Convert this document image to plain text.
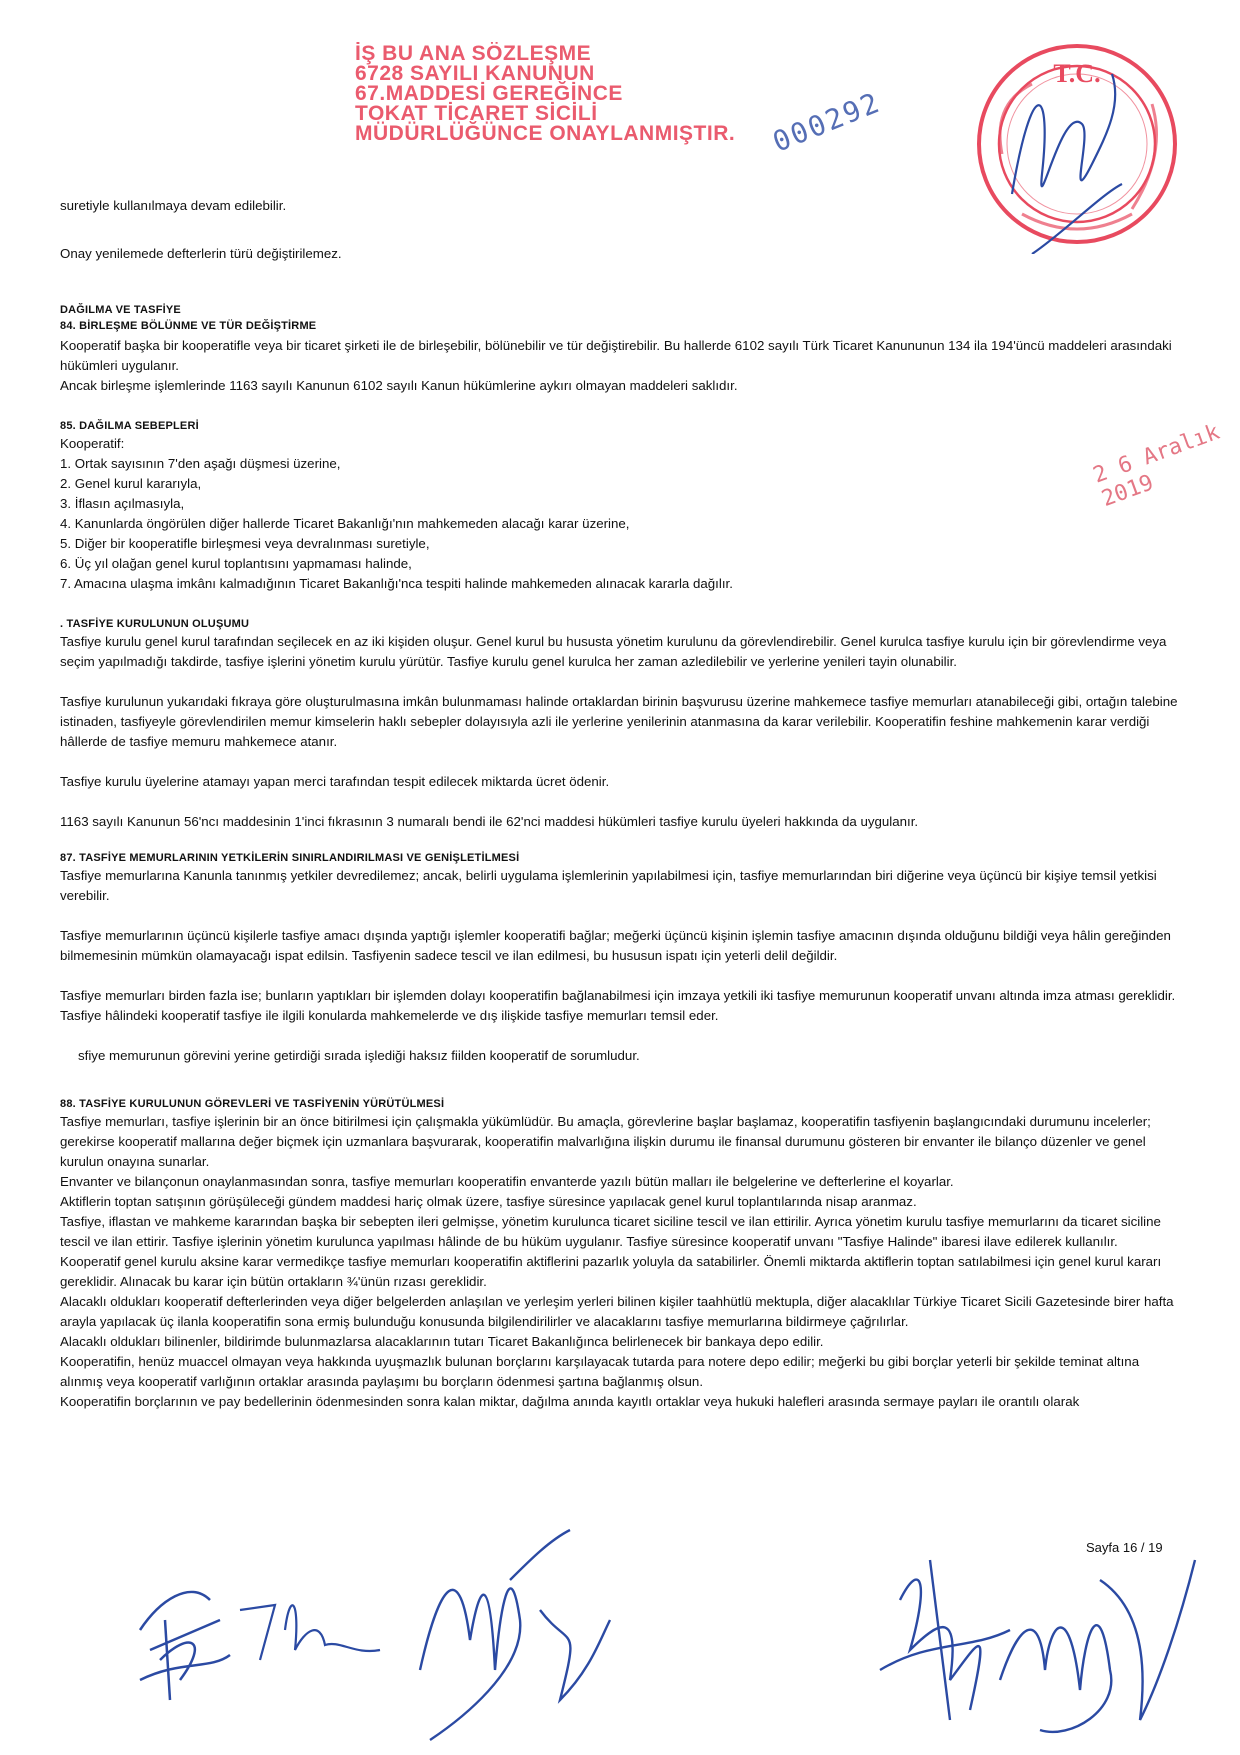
İŞ BU ANA SÖZLEŞME
6728 SAYILI KANUNUN
67.MADDESİ GEREĞİNCE
TOKAT TİCARET SİCİLİ
MÜDÜRLÜĞÜNCE ONAYLANMIŞTIR. 000292
T.C.
2 6 Aralık 2019

suretiyle kullanılmaya devam edilebilir.

Onay yenilemede defterlerin türü değiştirilemez.

DAĞILMA VE TASFİYE

84. BİRLEŞME BÖLÜNME VE TÜR DEĞİŞTİRME

Kooperatif başka bir kooperatifle veya bir ticaret şirketi ile de birleşebilir, bölünebilir ve tür değiştirebilir. Bu hallerde 6102 sayılı Türk Ticaret Kanununun 134 ila 194'üncü maddeleri arasındaki hükümleri uygulanır.

Ancak birleşme işlemlerinde 1163 sayılı Kanunun 6102 sayılı Kanun hükümlerine aykırı olmayan maddeleri saklıdır.

85. DAĞILMA SEBEPLERİ

Kooperatif:

1. Ortak sayısının 7'den aşağı düşmesi üzerine,

2. Genel kurul kararıyla,

3. İflasın açılmasıyla,

4. Kanunlarda öngörülen diğer hallerde Ticaret Bakanlığı'nın mahkemeden alacağı karar üzerine,

5. Diğer bir kooperatifle birleşmesi veya devralınması suretiyle,

6. Üç yıl olağan genel kurul toplantısını yapmaması halinde,

7. Amacına ulaşma imkânı kalmadığının Ticaret Bakanlığı'nca tespiti halinde mahkemeden alınacak kararla dağılır.

. TASFİYE KURULUNUN OLUŞUMU

Tasfiye kurulu genel kurul tarafından seçilecek en az iki kişiden oluşur. Genel kurul bu hususta yönetim kurulunu da görevlendirebilir. Genel kurulca tasfiye kurulu için bir görevlendirme veya seçim yapılmadığı takdirde, tasfiye işlerini yönetim kurulu yürütür. Tasfiye kurulu genel kurulca her zaman azledilebilir ve yerlerine yenileri tayin olunabilir.

Tasfiye kurulunun yukarıdaki fıkraya göre oluşturulmasına imkân bulunmaması halinde ortaklardan birinin başvurusu üzerine mahkemece tasfiye memurları atanabileceği gibi, ortağın talebine istinaden, tasfiyeyle görevlendirilen memur kimselerin haklı sebepler dolayısıyla azli ile yerlerine yenilerinin atanmasına da karar verilebilir. Kooperatifin feshine mahkemenin karar verdiği hâllerde de tasfiye memuru mahkemece atanır.

Tasfiye kurulu üyelerine atamayı yapan merci tarafından tespit edilecek miktarda ücret ödenir.

1163 sayılı Kanunun 56'ncı maddesinin 1'inci fıkrasının 3 numaralı bendi ile 62'nci maddesi hükümleri tasfiye kurulu üyeleri hakkında da uygulanır.

87. TASFİYE MEMURLARININ YETKİLERİN SINIRLANDIRILMASI VE GENİŞLETİLMESİ

Tasfiye memurlarına Kanunla tanınmış yetkiler devredilemez; ancak, belirli uygulama işlemlerinin yapılabilmesi için, tasfiye memurlarından biri diğerine veya üçüncü bir kişiye temsil yetkisi verebilir.

Tasfiye memurlarının üçüncü kişilerle tasfiye amacı dışında yaptığı işlemler kooperatifi bağlar; meğerki üçüncü kişinin işlemin tasfiye amacının dışında olduğunu bildiği veya hâlin gereğinden bilmemesinin mümkün olamayacağı ispat edilsin. Tasfiyenin sadece tescil ve ilan edilmesi, bu hususun ispatı için yeterli delil değildir.

Tasfiye memurları birden fazla ise; bunların yaptıkları bir işlemden dolayı kooperatifin bağlanabilmesi için imzaya yetkili iki tasfiye memurunun kooperatif unvanı altında imza atması gereklidir. Tasfiye hâlindeki kooperatif tasfiye ile ilgili konularda mahkemelerde ve dış ilişkide tasfiye memurları temsil eder.

sfiye memurunun görevini yerine getirdiği sırada işlediği haksız fiilden kooperatif de sorumludur.

88. TASFİYE KURULUNUN GÖREVLERİ VE TASFİYENİN YÜRÜTÜLMESİ

Tasfiye memurları, tasfiye işlerinin bir an önce bitirilmesi için çalışmakla yükümlüdür. Bu amaçla, görevlerine başlar başlamaz, kooperatifin tasfiyenin başlangıcındaki durumunu incelerler; gerekirse kooperatif mallarına değer biçmek için uzmanlara başvurarak, kooperatifin malvarlığına ilişkin durumu ile finansal durumunu gösteren bir envanter ile bilanço düzenler ve genel kurulun onayına sunarlar.

Envanter ve bilançonun onaylanmasından sonra, tasfiye memurları kooperatifin envanterde yazılı bütün malları ile belgelerine ve defterlerine el koyarlar.

Aktiflerin toptan satışının görüşüleceği gündem maddesi hariç olmak üzere, tasfiye süresince yapılacak genel kurul toplantılarında nisap aranmaz.

Tasfiye, iflastan ve mahkeme kararından başka bir sebepten ileri gelmişse, yönetim kurulunca ticaret siciline tescil ve ilan ettirilir. Ayrıca yönetim kurulu tasfiye memurlarını da ticaret siciline tescil ve ilan ettirir. Tasfiye işlerinin yönetim kurulunca yapılması hâlinde de bu hüküm uygulanır. Tasfiye süresince kooperatif unvanı "Tasfiye Halinde" ibaresi ilave edilerek kullanılır.

Kooperatif genel kurulu aksine karar vermedikçe tasfiye memurları kooperatifin aktiflerini pazarlık yoluyla da satabilirler. Önemli miktarda aktiflerin toptan satılabilmesi için genel kurul kararı gereklidir. Alınacak bu karar için bütün ortakların ¾'ünün rızası gereklidir.

Alacaklı oldukları kooperatif defterlerinden veya diğer belgelerden anlaşılan ve yerleşim yerleri bilinen kişiler taahhütlü mektupla, diğer alacaklılar Türkiye Ticaret Sicili Gazetesinde birer hafta arayla yapılacak üç ilanla kooperatifin sona ermiş bulunduğu konusunda bilgilendirilirler ve alacaklarını tasfiye memurlarına bildirmeye çağrılırlar.

Alacaklı oldukları bilinenler, bildirimde bulunmazlarsa alacaklarının tutarı Ticaret Bakanlığınca belirlenecek bir bankaya depo edilir.

Kooperatifin, henüz muaccel olmayan veya hakkında uyuşmazlık bulunan borçlarını karşılayacak tutarda para notere depo edilir; meğerki bu gibi borçlar yeterli bir şekilde teminat altına alınmış veya kooperatif varlığının ortaklar arasında paylaşımı bu borçların ödenmesi şartına bağlanmış olsun.

Kooperatifin borçlarının ve pay bedellerinin ödenmesinden sonra kalan miktar, dağılma anında kayıtlı ortaklar veya hukuki halefleri arasında sermaye payları ile orantılı olarak

Sayfa 16 / 19
